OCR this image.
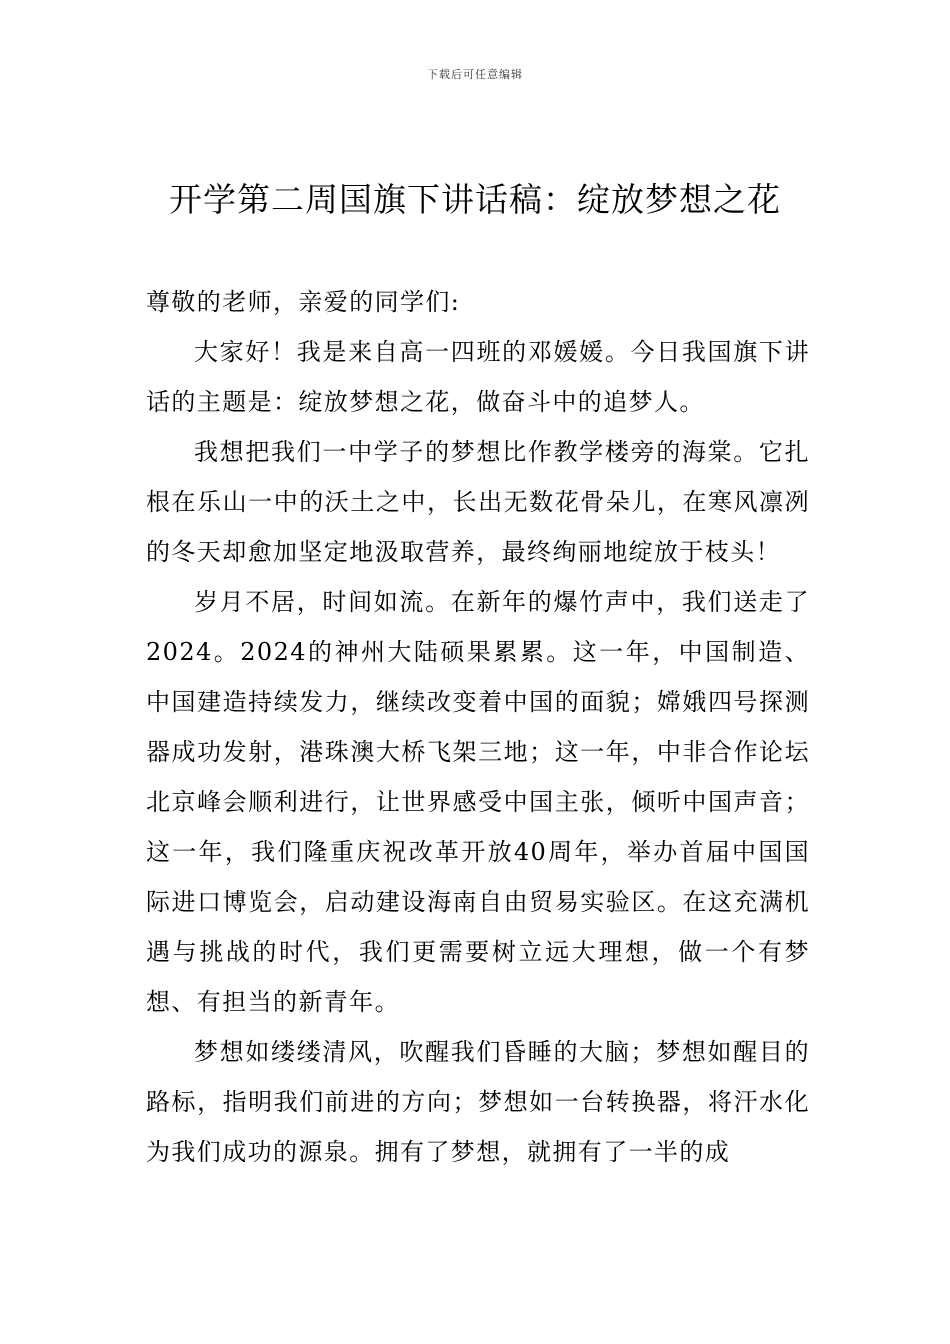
下载后可任意编辑
开学第二周国旗下讲话稿：绽放梦想之花

尊敬的老师，亲爱的同学们:

大家好！我是来自高一四班的邓媛媛。今日我国旗下讲话的主题是：绽放梦想之花，做奋斗中的追梦人。

我想把我们一中学子的梦想比作教学楼旁的海棠。它扎根在乐山一中的沃土之中，长出无数花骨朵儿，在寒风凛冽的冬天却愈加坚定地汲取营养，最终绚丽地绽放于枝头！

岁月不居，时间如流。在新年的爆竹声中，我们送走了2024。2024的神州大陆硕果累累。这一年，中国制造、中国建造持续发力，继续改变着中国的面貌；嫦娥四号探测器成功发射，港珠澳大桥飞架三地；这一年，中非合作论坛北京峰会顺利进行，让世界感受中国主张，倾听中国声音；这一年，我们隆重庆祝改革开放40周年，举办首届中国国际进口博览会，启动建设海南自由贸易实验区。在这充满机遇与挑战的时代，我们更需要树立远大理想，做一个有梦想、有担当的新青年。

梦想如缕缕清风，吹醒我们昏睡的大脑；梦想如醒目的路标，指明我们前进的方向；梦想如一台转换器，将汗水化为我们成功的源泉。拥有了梦想，就拥有了一半的成
